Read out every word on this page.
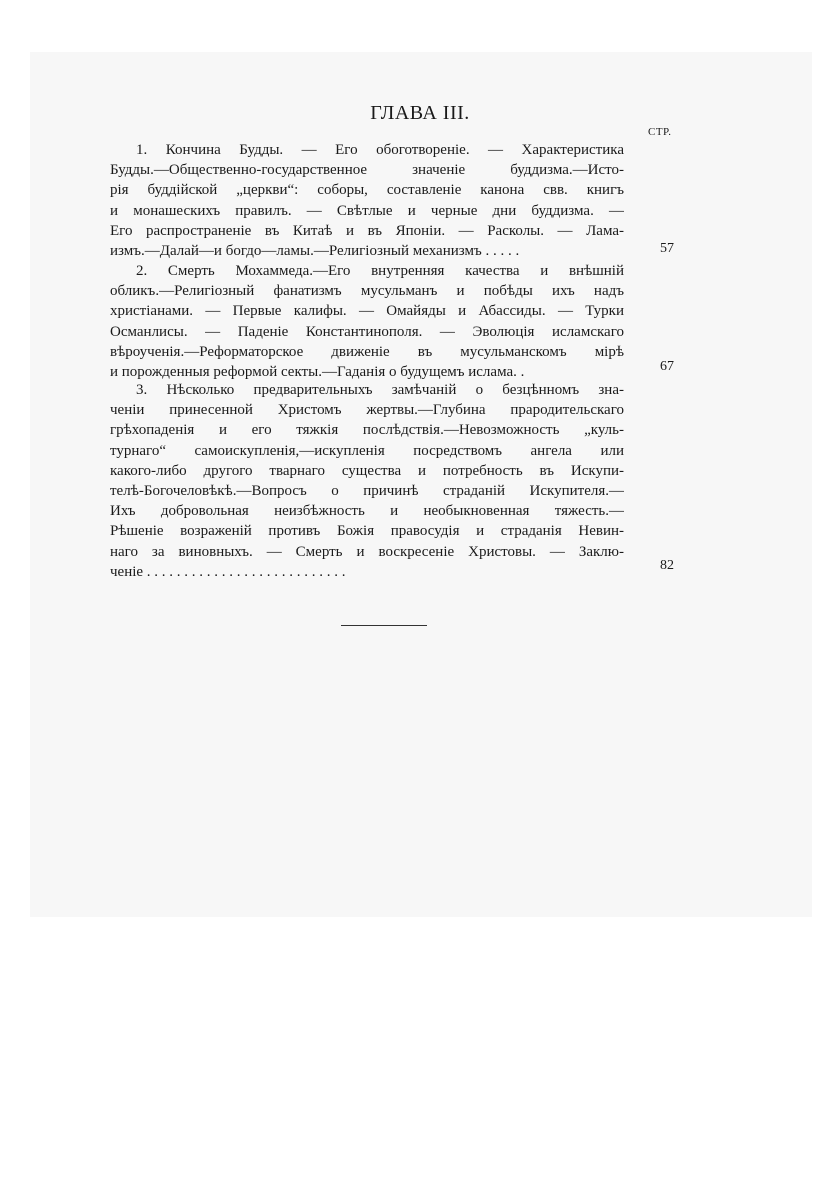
ГЛАВА III.
СТР.
1. Кончина Будды. — Его обоготвореніе. — Характеристика
Будды.—Общественно-государственное значеніе буддизма.—Исто-
рія буддійской „церкви“: соборы, составленіе канона свв. книгъ
и монашескихъ правилъ. — Свѣтлые и черные дни буддизма. —
Его распространеніе въ Китаѣ и въ Японіи. — Расколы. — Лама-
измъ.—Далай—и богдо—ламы.—Религіозный механизмъ . . . . .	57
2. Смерть Мохаммеда.—Его внутренняя качества и внѣшній
обликъ.—Религіозный фанатизмъ мусульманъ и побѣды ихъ надъ
христіанами. — Первые калифы. — Омайяды и Абассиды. — Турки
Османлисы. — Паденіе Константинополя. — Эволюція исламскаго
вѣроученія.—Реформаторское движеніе въ мусульманскомъ мірѣ
и порожденныя реформой секты.—Гаданія о будущемъ ислама. .	67
3. Нѣсколько предварительныхъ замѣчаній о безцѣнномъ зна-
ченіи принесенной Христомъ жертвы.—Глубина прародительскаго
грѣхопаденія и его тяжкія послѣдствія.—Невозможность „куль-
турнаго“ самоискупленія,—искупленія посредствомъ ангела или
какого-либо другого тварнаго существа и потребность въ Искупи-
телѣ-Богочеловѣкѣ.—Вопросъ о причинѣ страданій Искупителя.—
Ихъ добровольная неизбѣжность и необыкновенная тяжесть.—
Рѣшеніе возраженій противъ Божія правосудія и страданія Невин-
наго за виновныхъ. — Смерть и воскресеніе Христовы. — Заклю-
ченіе . . . . . . . . . . . . . . . . . . . . . . . . . . .	82
